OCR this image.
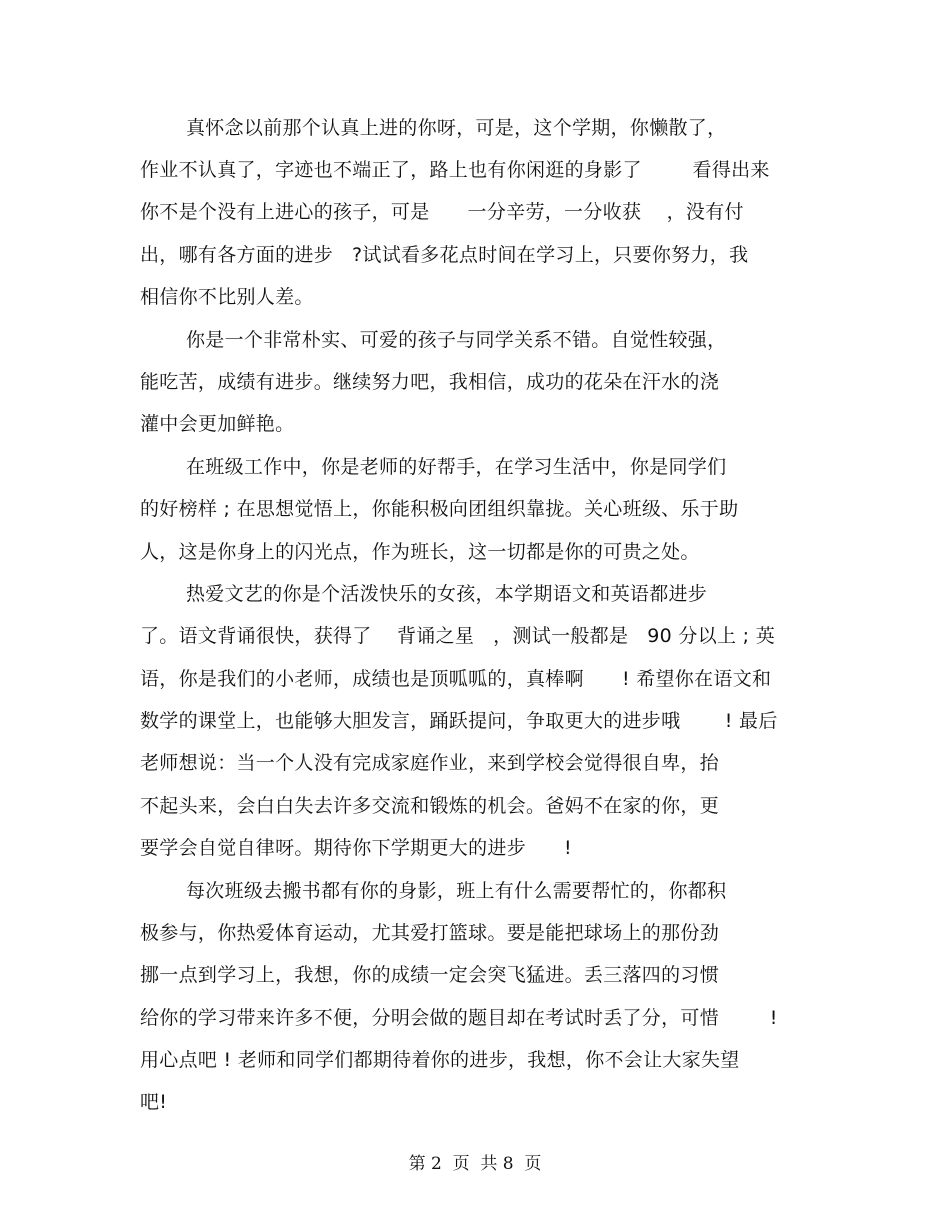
真怀念以前那个认真上进的你呀，可是，这个学期，你懒散了，
作业不认真了，字迹也不端正了，路上也有你闲逛的身影了        看得出来
你不是个没有上进心的孩子，可是      一分辛劳，一分收获    ，没有付
出，哪有各方面的进步   ?试试看多花点时间在学习上，只要你努力，我
相信你不比别人差。
你是一个非常朴实、可爱的孩子与同学关系不错。自觉性较强，
能吃苦，成绩有进步。继续努力吧，我相信，成功的花朵在汗水的浇
灌中会更加鲜艳。
在班级工作中，你是老师的好帮手，在学习生活中，你是同学们
的好榜样 ; 在思想觉悟上，你能积极向团组织靠拢。关心班级、乐于助
人，这是你身上的闪光点，作为班长，这一切都是你的可贵之处。
热爱文艺的你是个活泼快乐的女孩，本学期语文和英语都进步
了。语文背诵很快，获得了    背诵之星   ，测试一般都是   90 分以上 ; 英
语，你是我们的小老师，成绩也是顶呱呱的，真棒啊      ! 希望你在语文和
数学的课堂上，也能够大胆发言，踊跃提问，争取更大的进步哦       ! 最后
老师想说：当一个人没有完成家庭作业，来到学校会觉得很自卑，抬
不起头来，会白白失去许多交流和锻炼的机会。爸妈不在家的你，更
要学会自觉自律呀。期待你下学期更大的进步      !
每次班级去搬书都有你的身影，班上有什么需要帮忙的，你都积
极参与，你热爱体育运动，尤其爱打篮球。要是能把球场上的那份劲
挪一点到学习上，我想，你的成绩一定会突飞猛进。丢三落四的习惯
给你的学习带来许多不便，分明会做的题目却在考试时丢了分，可惜        !
用心点吧 ! 老师和同学们都期待着你的进步，我想，你不会让大家失望
吧!
第 2  页  共 8  页
